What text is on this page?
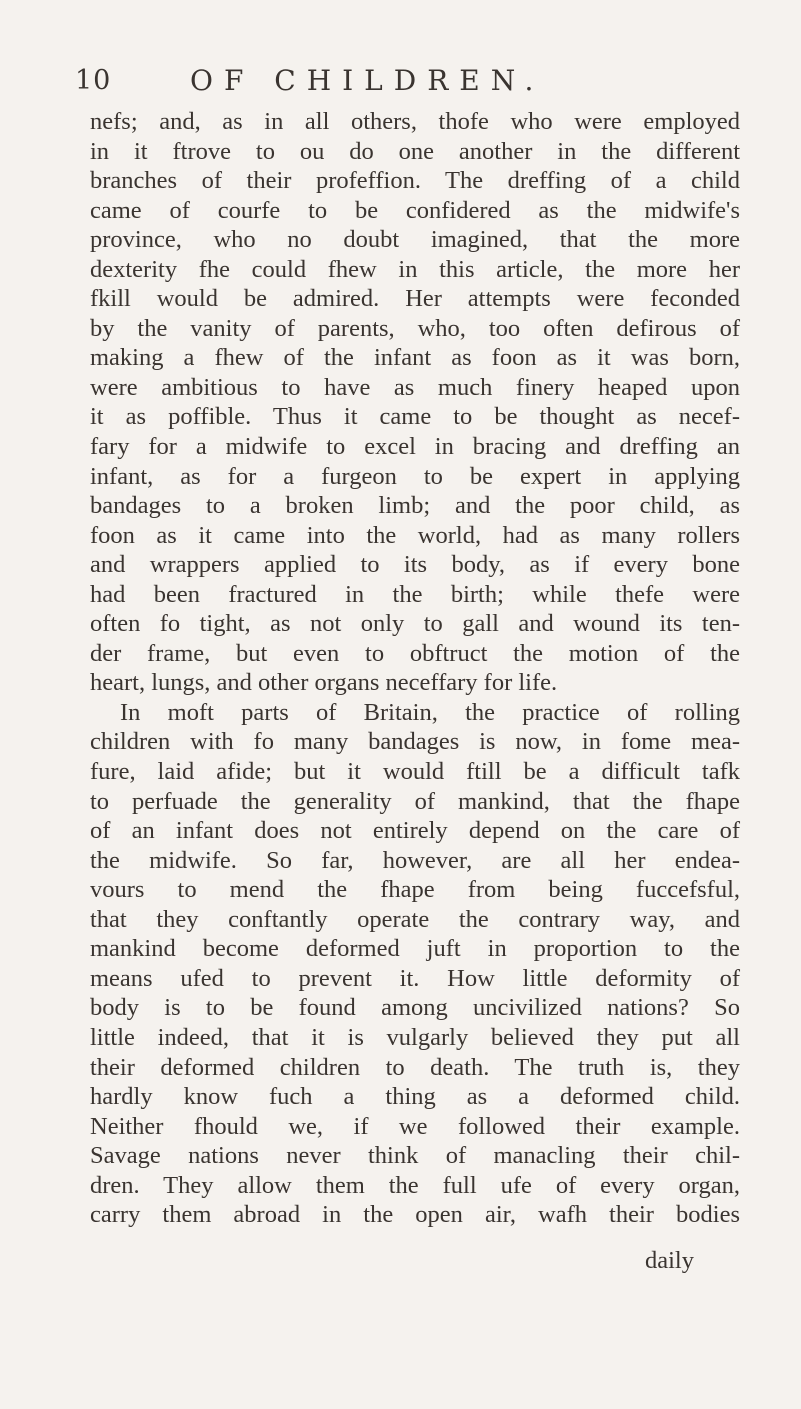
10	OF CHILDREN.
nefs; and, as in all others, thofe who were employed
in it ftrove to ou do one another in the different
branches of their profeffion. The dreffing of a child
came of courfe to be confidered as the midwife's
province, who no doubt imagined, that the more
dexterity fhe could fhew in this article, the more her
fkill would be admired. Her attempts were feconded
by the vanity of parents, who, too often defirous of
making a fhew of the infant as foon as it was born,
were ambitious to have as much finery heaped upon
it as poffible. Thus it came to be thought as necef-
fary for a midwife to excel in bracing and dreffing an
infant, as for a furgeon to be expert in applying
bandages to a broken limb; and the poor child, as
foon as it came into the world, had as many rollers
and wrappers applied to its body, as if every bone
had been fractured in the birth; while thefe were
often fo tight, as not only to gall and wound its ten-
der frame, but even to obftruct the motion of the
heart, lungs, and other organs neceffary for life.
In moft parts of Britain, the practice of rolling
children with fo many bandages is now, in fome mea-
fure, laid afide; but it would ftill be a difficult tafk
to perfuade the generality of mankind, that the fhape
of an infant does not entirely depend on the care of
the midwife. So far, however, are all her endea-
vours to mend the fhape from being fuccefsful,
that they conftantly operate the contrary way, and
mankind become deformed juft in proportion to the
means ufed to prevent it. How little deformity of
body is to be found among uncivilized nations? So
little indeed, that it is vulgarly believed they put all
their deformed children to death. The truth is, they
hardly know fuch a thing as a deformed child.
Neither fhould we, if we followed their example.
Savage nations never think of manacling their chil-
dren. They allow them the full ufe of every organ,
carry them abroad in the open air, wafh their bodies
daily
